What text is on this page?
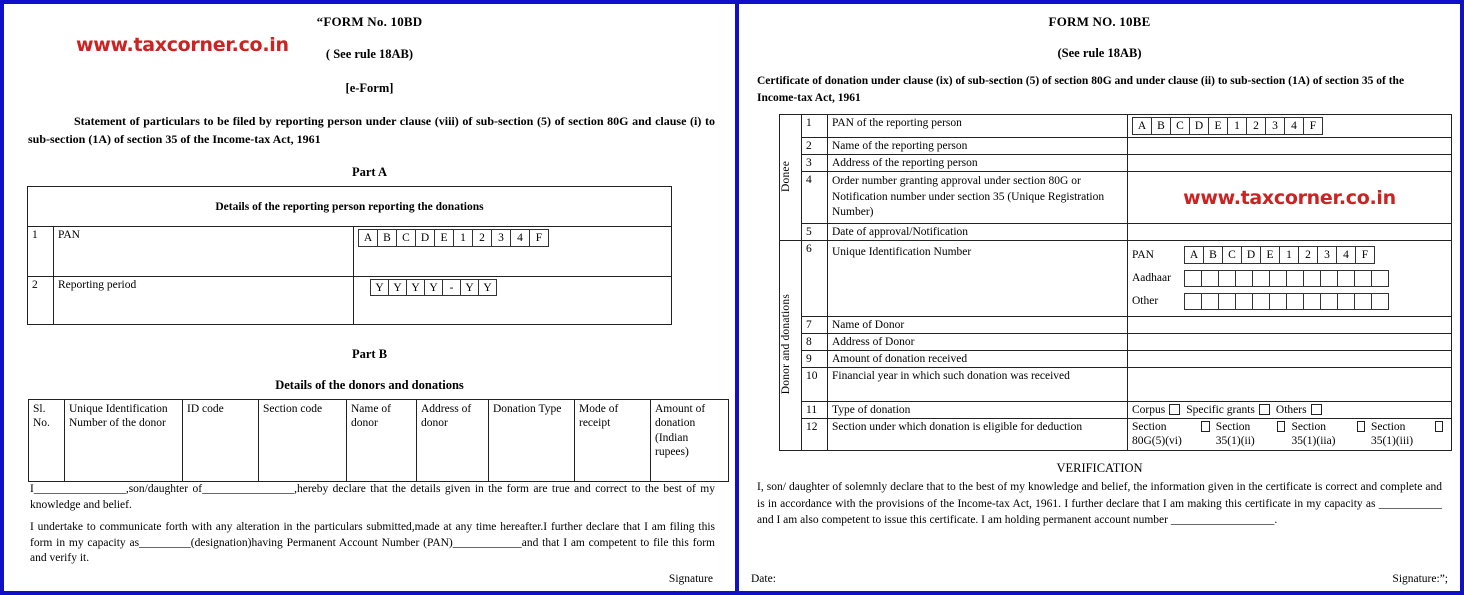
www.taxcorner.co.in
“FORM No. 10BD
( See rule 18AB)
[e-Form]
Statement of particulars to be filed by reporting person under clause (viii) of sub-section (5) of section 80G and clause (i) to sub-section (1A) of section 35 of the Income-tax Act, 1961
Part A
Details of the reporting person reporting the donations		
1	PAN	A B C D E	1	2	3	4	F

2	Reporting period	Y Y Y Y	-	Y Y
Part B
Details of the donors and donations
Sl. No.	Unique Identification Number of the donor	ID code	Section code	Name of donor	Address of donor	Donation Type	Mode of receipt	Amount of donation (Indian rupees)

I________________,son/daughter of________________,hereby declare that the details given in the form are true and correct to the best of my knowledge and belief.

I undertake to communicate forth with any alteration in the particulars submitted,made at any time hereafter.I further declare that I am filing this form in my capacity as_________(designation)having Permanent Account Number (PAN)____________and that I am competent to file this form and verify it.

Signature
FORM NO. 10BE
(See rule 18AB)
Certificate of donation under clause (ix) of sub-section (5) of section 80G and under clause (ii) to sub-section (1A) of section 35 of the Income-tax Act, 1961
Donee	1	PAN of the reporting person	A B C D E	1	2	3	4	F

	2	Name of the reporting person	
	3	Address of the reporting person	
	4	Order number granting approval under section 80G or Notification number under section 35 (Unique Registration Number)	www.taxcorner.co.in

	5	Date of approval/Notification	
Donor and donations	6	Unique Identification Number	PAN	A B C D E	1	2	3	4	F
Aadhaar

Other

	7	Name of Donor	
	8	Address of Donor	
	9	Amount of donation received	
	10	Financial year in which such donation was received	
	11	Type of donation	Corpus Specific grants Others

	12	Section under which donation is eligible for deduction	Section 80G(5)(vi)
Section 35(1)(ii)
Section 35(1)(iia)
Section 35(1)(iii)
VERIFICATION
I, son/ daughter of solemnly declare that to the best of my knowledge and belief, the information given in the certificate is correct and complete and is in accordance with the provisions of the Income-tax Act, 1961. I further declare that I am making this certificate in my capacity as ___________ and I am also competent to issue this certificate. I am holding permanent account number __________________.
Date:	Signature:”;
